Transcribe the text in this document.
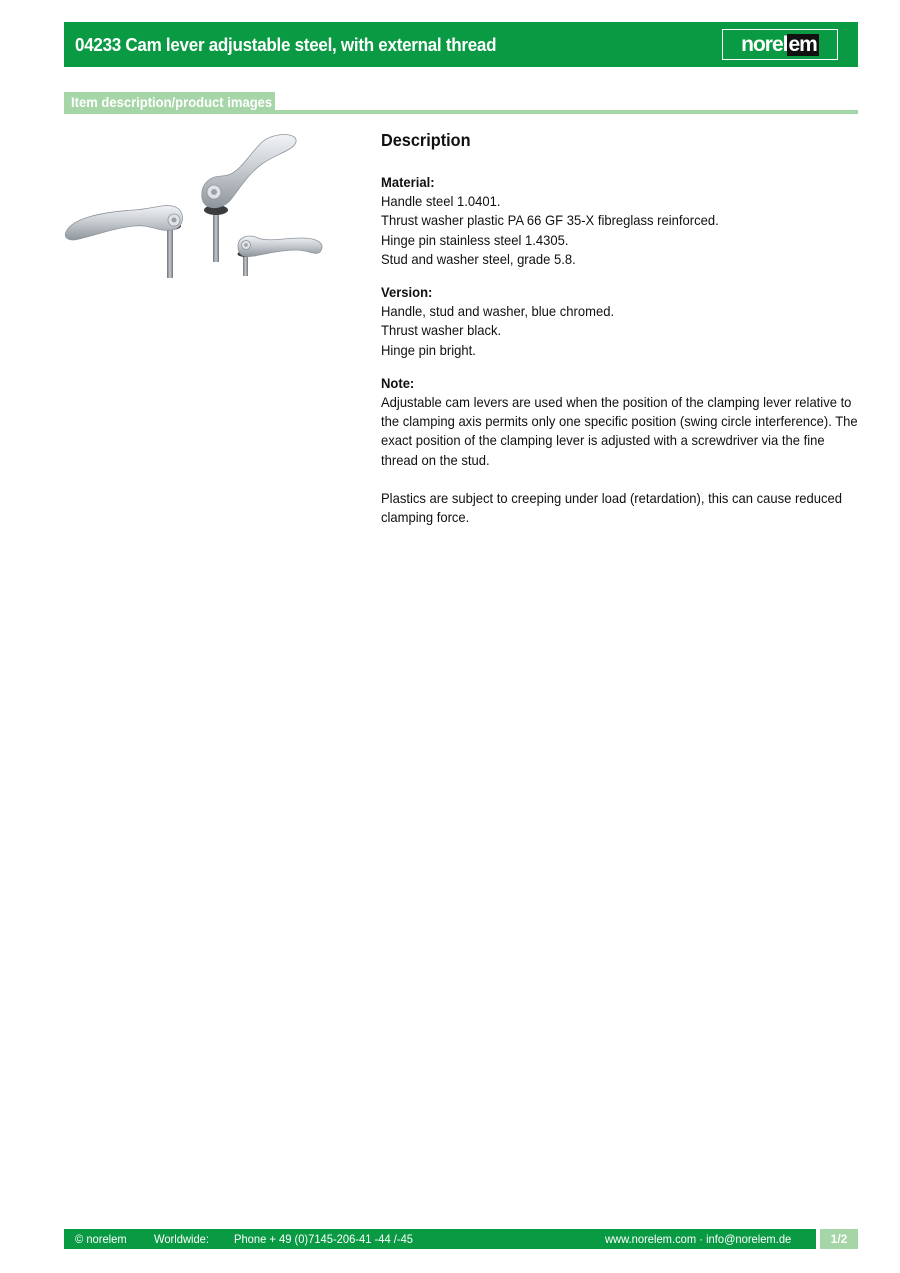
04233 Cam lever adjustable steel, with external thread	norel em
Item description/product images
Description
Material:
Handle steel 1.0401.
Thrust washer plastic PA 66 GF 35-X fibreglass reinforced.
Hinge pin stainless steel 1.4305.
Stud and washer steel, grade 5.8.
Version:
Handle, stud and washer, blue chromed.
Thrust washer black.
Hinge pin bright.
Note:
Adjustable cam levers are used when the position of the clamping lever relative to the clamping axis permits only one specific position (swing circle interference). The exact position of the clamping lever is adjusted with a screwdriver via the fine thread on the stud.
Plastics are subject to creeping under load (retardation), this can cause reduced clamping force.
© norelem	Worldwide:	Phone + 49 (0)7145-206-41 -44 /-45	www.norelem.com · info@norelem.de	1/2
